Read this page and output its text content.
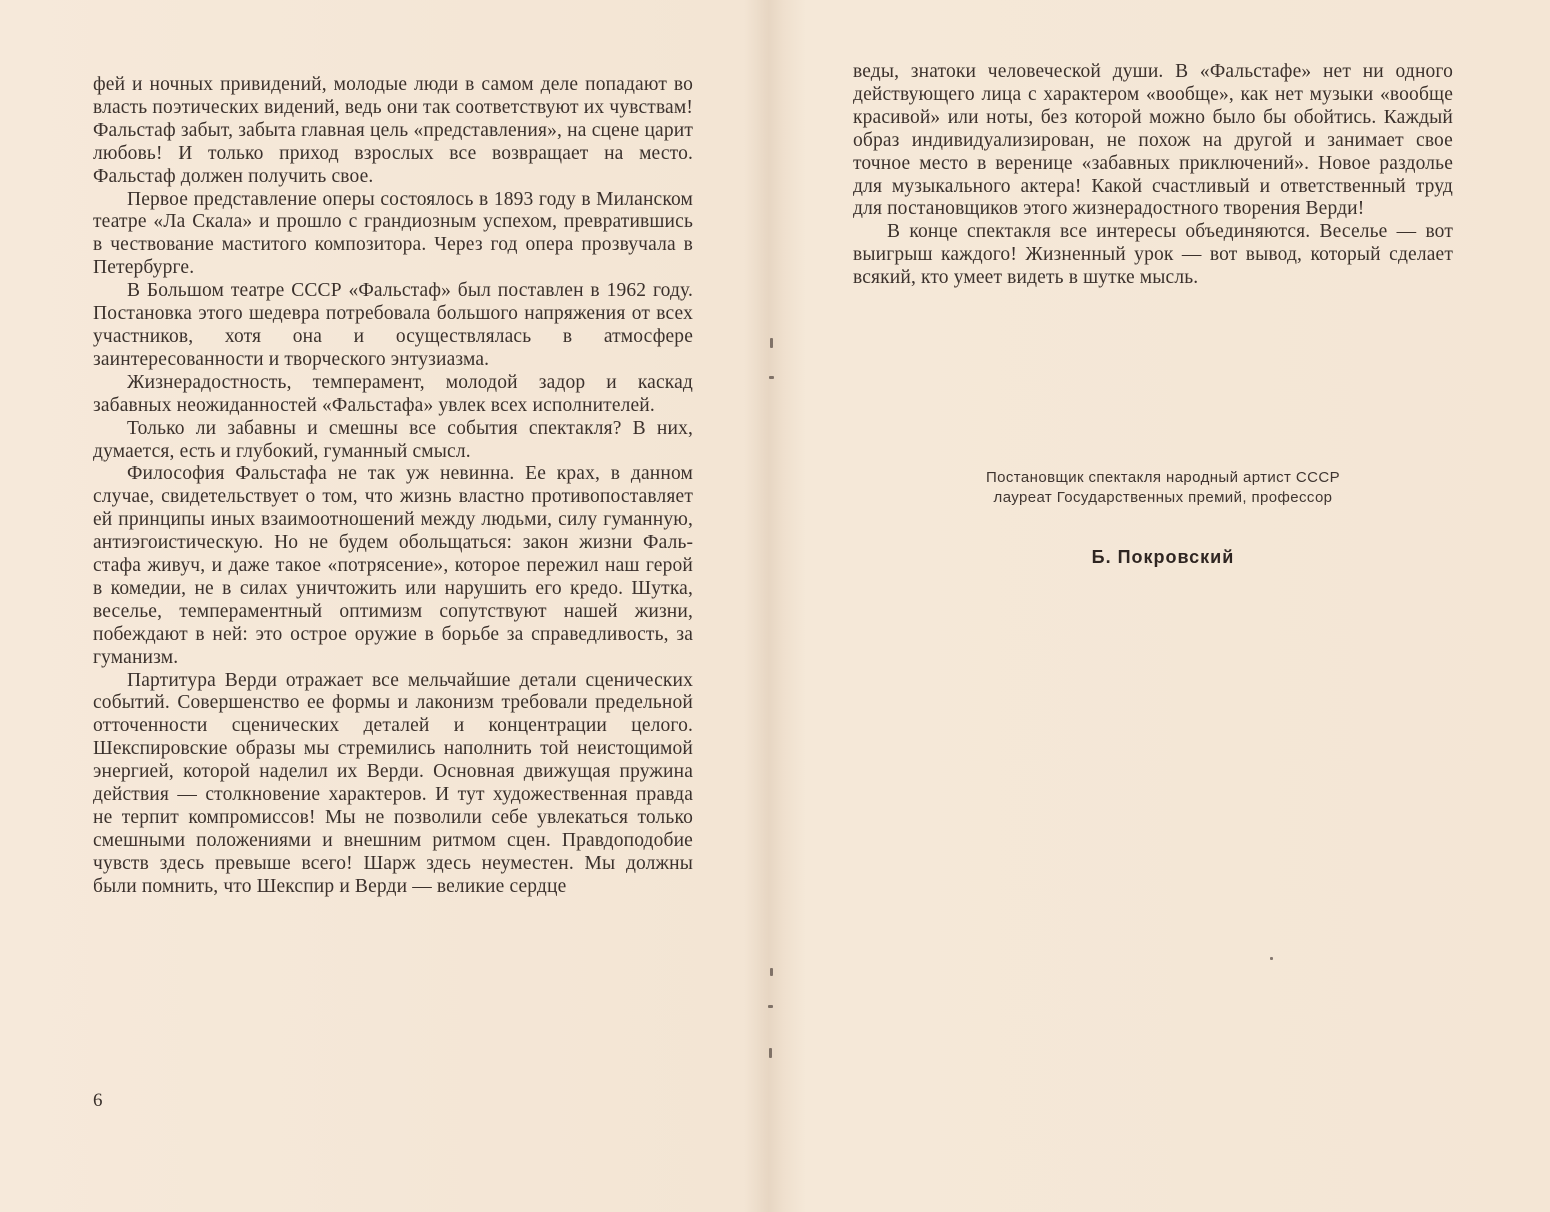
фей и ночных привидений, молодые люди в самом деле попадают во власть поэтических видений, ведь они так соответствуют их чувствам! Фальстаф забыт, забыта главная цель «представления», на сцене царит любовь! И только приход взрослых все возвращает на место. Фальстаф должен получить свое.

Первое представление оперы состоялось в 1893 году в Миланском театре «Ла Скала» и прошло с грандиозным успехом, превратившись в чествование маститого композитора. Через год опера прозвучала в Петербурге.

В Большом театре СССР «Фальстаф» был поставлен в 1962 году. Постановка этого шедевра потребовала большого напряжения от всех участников, хотя она и осуществлялась в атмосфере заинтересованности и творческого энтузиазма.

Жизнерадостность, темперамент, молодой задор и каскад забавных неожиданностей «Фальстафа» увлек всех исполнителей.

Только ли забавны и смешны все события спектакля? В них, думается, есть и глубокий, гуманный смысл.

Философия Фальстафа не так уж невинна. Ее крах, в данном случае, свидетельствует о том, что жизнь властно противопоставляет ей принципы иных взаимоотношений между людьми, силу гуманную, антиэгоистическую. Но не будем обольщаться: закон жизни Фальстафа живуч, и даже такое «потрясение», которое пережил наш герой в комедии, не в силах уничтожить или нарушить его кредо. Шутка, веселье, темпераментный оптимизм сопутствуют нашей жизни, побеждают в ней: это острое оружие в борьбе за справедливость, за гуманизм.

Партитура Верди отражает все мельчайшие детали сценических событий. Совершенство ее формы и лаконизм требовали предельной отточенности сценических деталей и концентрации целого. Шекспировские образы мы стремились наполнить той неистощимой энергией, которой наделил их Верди. Основная движущая пружина действия — столкновение характеров. И тут художественная правда не терпит компромиссов! Мы не позволили себе увлекаться только смешными положениями и внешним ритмом сцен. Правдоподобие чувств здесь превыше всего! Шарж здесь неуместен. Мы должны были помнить, что Шекспир и Верди — великие сердце

6

веды, знатоки человеческой души. В «Фальстафе» нет ни одного действующего лица с характером «вообще», как нет музыки «вообще красивой» или ноты, без которой можно было бы обойтись. Каждый образ индивидуализирован, не похож на другой и занимает свое точное место в веренице «забавных приключений». Новое раздолье для музыкального актера! Какой счастливый и ответственный труд для постановщиков этого жизнерадостного творения Верди!

В конце спектакля все интересы объединяются. Веселье — вот выигрыш каждого! Жизненный урок — вот вывод, который сделает всякий, кто умеет видеть в шутке мысль.

Постановщик спектакля народный артист СССР
лауреат Государственных премий, профессор
Б. Покровский
